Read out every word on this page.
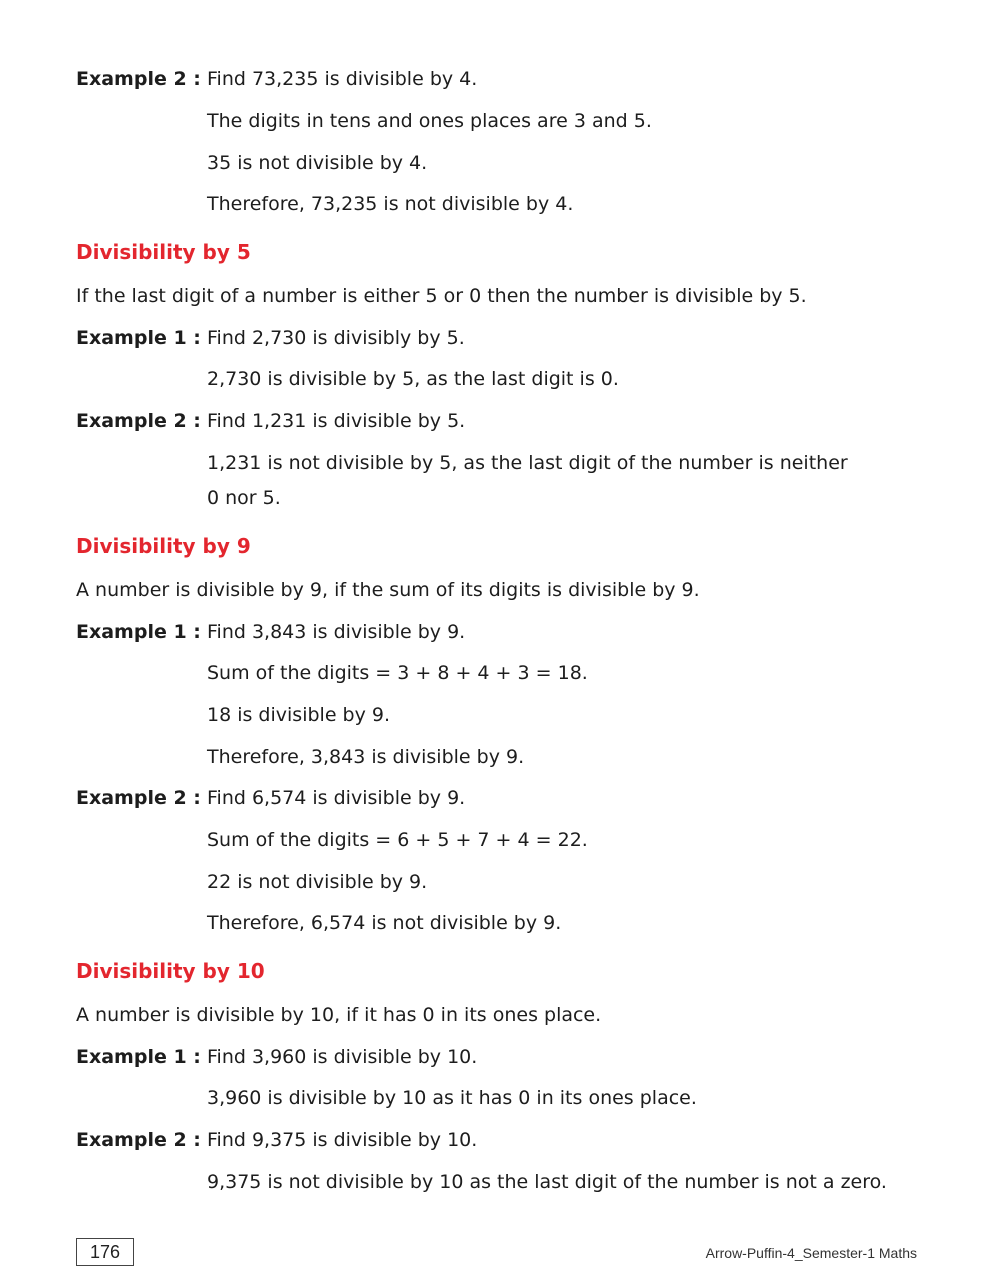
Example 2 : Find 73,235 is divisible by 4.
The digits in tens and ones places are 3 and 5.
35 is not divisible by 4.
Therefore, 73,235 is not divisible by 4.
Divisibility by 5
If the last digit of a number is either 5 or 0 then the number is divisible by 5.
Example 1 : Find 2,730 is divisibly by 5.
2,730 is divisible by 5, as the last digit is 0.
Example 2 : Find 1,231 is divisible by 5.
1,231 is not divisible by 5, as the last digit of the number is neither
0 nor 5.
Divisibility by 9
A number is divisible by 9, if the sum of its digits is divisible by 9.
Example 1 : Find 3,843 is divisible by 9.
Sum of the digits = 3 + 8 + 4 + 3 = 18.
18 is divisible by 9.
Therefore, 3,843 is divisible by 9.
Example 2 : Find 6,574 is divisible by 9.
Sum of the digits = 6 + 5 + 7 + 4 = 22.
22 is not divisible by 9.
Therefore, 6,574 is not divisible by 9.
Divisibility by 10
A number is divisible by 10, if it has 0 in its ones place.
Example 1 : Find 3,960 is divisible by 10.
3,960 is divisible by 10 as it has 0 in its ones place.
Example 2 : Find 9,375 is divisible by 10.
9,375 is not divisible by 10 as the last digit of the number is not a zero.
176	Arrow-Puffin-4_Semester-1 Maths
